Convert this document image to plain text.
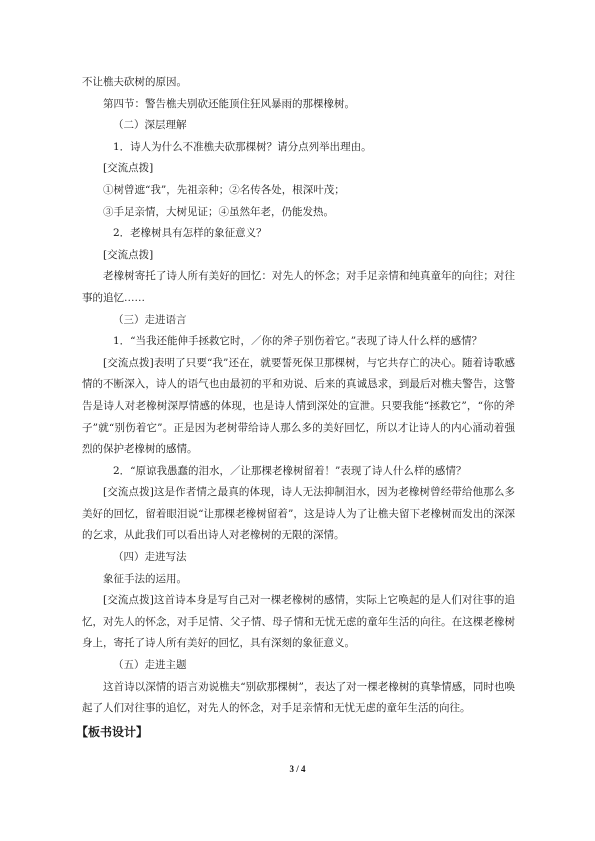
不让樵夫砍树的原因。

第四节：警告樵夫别砍还能顶住狂风暴雨的那棵橡树。

（二）深层理解

1．诗人为什么不准樵夫砍那棵树？请分点列举出理由。

[交流点拨]

①树曾遮“我”，先祖亲种；②名传各处，根深叶茂；

③手足亲情，大树见证；④虽然年老，仍能发热。

2．老橡树具有怎样的象征意义？

[交流点拨]

老橡树寄托了诗人所有美好的回忆：对先人的怀念；对手足亲情和纯真童年的向往；对往事的追忆……

（三）走进语言

1．“当我还能伸手拯救它时，／你的斧子别伤着它。”表现了诗人什么样的感情？

[交流点拨]表明了只要“我”还在，就要誓死保卫那棵树，与它共存亡的决心。随着诗歌感情的不断深入，诗人的语气也由最初的平和劝说、后来的真诚恳求，到最后对樵夫警告，这警告是诗人对老橡树深厚情感的体现，也是诗人情到深处的宣泄。只要我能“拯救它”，“你的斧子”就“别伤着它”。正是因为老树带给诗人那么多的美好回忆，所以才让诗人的内心涌动着强烈的保护老橡树的感情。

2．“原谅我愚蠢的泪水，／让那棵老橡树留着！”表现了诗人什么样的感情？

[交流点拨]这是作者情之最真的体现，诗人无法抑制泪水，因为老橡树曾经带给他那么多美好的回忆，留着眼泪说“让那棵老橡树留着”，这是诗人为了让樵夫留下老橡树而发出的深深的乞求，从此我们可以看出诗人对老橡树的无限的深情。

（四）走进写法

象征手法的运用。

[交流点拨]这首诗本身是写自己对一棵老橡树的感情，实际上它唤起的是人们对往事的追忆，对先人的怀念，对手足情、父子情、母子情和无忧无虑的童年生活的向往。在这棵老橡树身上，寄托了诗人所有美好的回忆，具有深刻的象征意义。

（五）走进主题

这首诗以深情的语言劝说樵夫“别砍那棵树”，表达了对一棵老橡树的真挚情感，同时也唤起了人们对往事的追忆，对先人的怀念，对手足亲情和无忧无虑的童年生活的向往。

【板书设计】

3 / 4
